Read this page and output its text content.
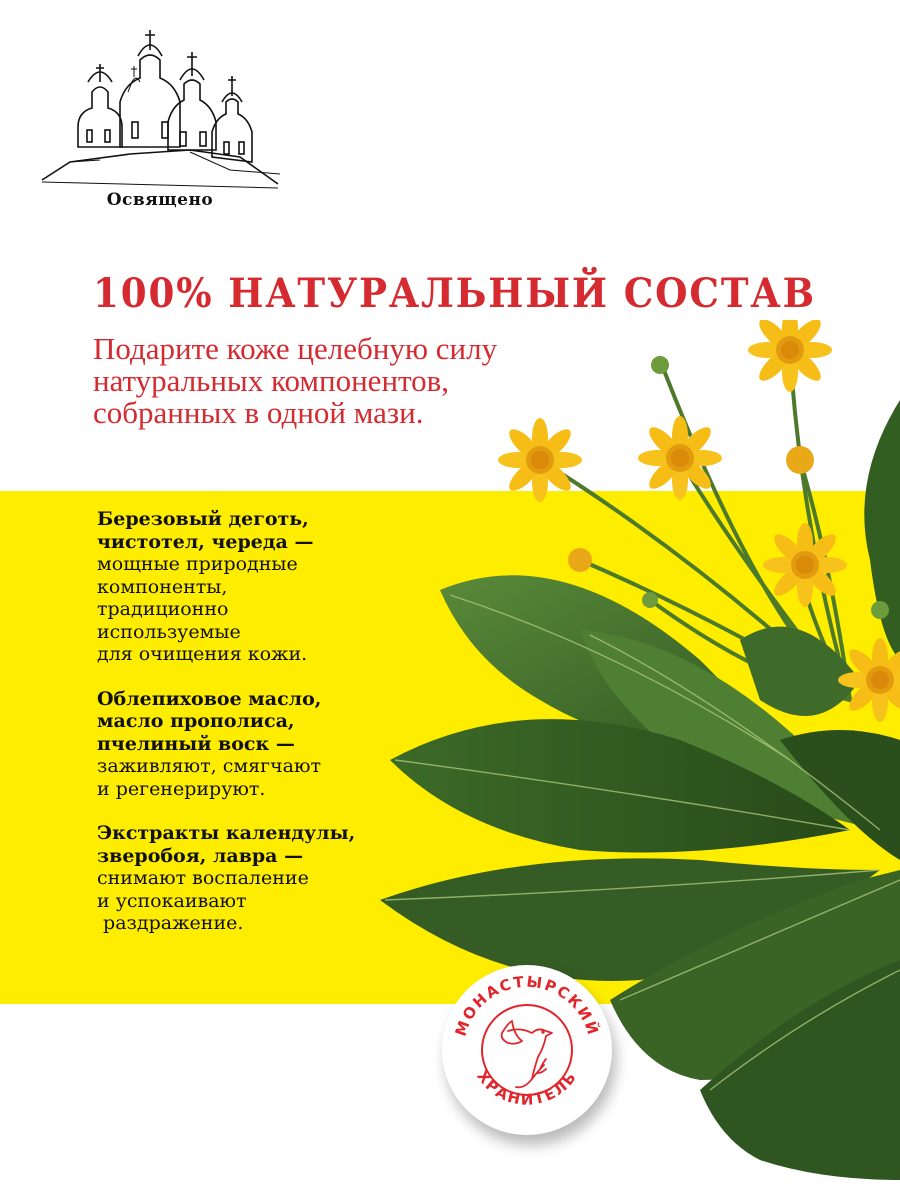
Освящено
100% НАТУРАЛЬНЫЙ СОСТАВ
Подарите коже целебную силу
натуральных компонентов,
собранных в одной мази.
Березовый деготь,
чистотел, череда —
мощные природные
компоненты,
традиционно
используемые
для очищения кожи.
Облепиховое масло,
масло прополиса,
пчелиный воск —
заживляют, смягчают
и регенерируют.
Экстракты календулы,
зверобоя, лавра —
снимают воспаление
и успокаивают
раздражение.
МОНАСТЫРСКИЙ
ХРАНИТЕЛЬ
